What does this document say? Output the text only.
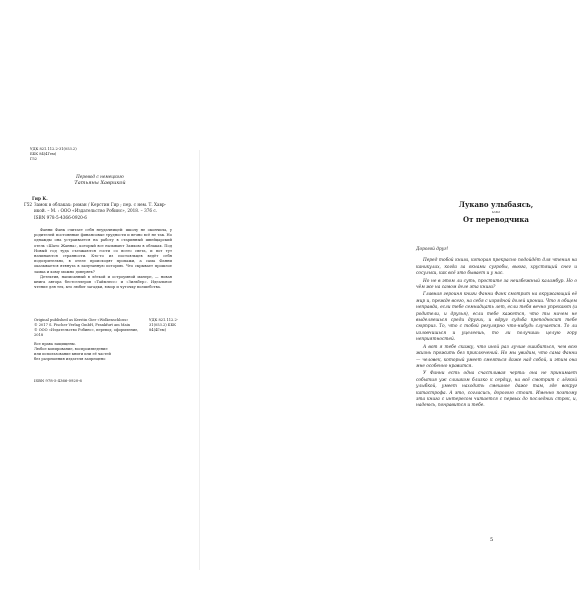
УДК 821.112.2-31(053.2)
ББК 84(4Гем)
Г52
Перевод с немецкого
Татьяны Хаврикой
Гир К.
Г52 Замок в облаках: роман / Керстин Гир ; пер. с нем. Т. Хавр-икой. – М. : ООО «Издательство Робинс», 2018. – 376 с.
ISBN 978-5-4366-0920-6

Фанни Фанк считает себя неудачницей: школу не окончила, у родителей постоянные финансовые трудности и вечно всё не так. Но однажды она устраивается на работу в старинный швейцарский отель «Шато Жанна», который все называют Замком в облаках. Под Новый год туда съезжаются гости со всего света, и вот тут начинаются странности. Кто-то из постояльцев ведёт себя подозрительно, в отеле происходят пропажи, а сама Фанни оказывается втянута в запутанную историю. Что скрывает прошлое замка и кому можно доверять?

Детектив, написанный в лёгкой и остроумной манере, — новая книга автора бестселлеров «Таймлесс» и «Зильбер». Идеальное чтение для тех, кто любит загадки, юмор и чуточку волшебства.

Original published as Kerstin Gier «Wolkenschloss»
© 2017 S. Fischer Verlag GmbH, Frankfurt am Main
© ООО «Издательство Робинс», перевод, оформление, 2018
УДК 821.112.2-31(053.2) ББК 84(4Гем)
Все права защищены.
Любое копирование, воспроизведение
или использование книги или её частей
без разрешения издателя запрещено
ISBN 978-5-4366-0920-6
Лукаво улыбаясь,
или
От переводчика

Дорогой друг!

Перед тобой книга, которая прекрасно подойдёт для чтения на каникулах, когда за окнами сугробы, вьюга, хрустящий снег и сосульки, как всё это бывает и у нас.

Но не в этом ли суть, простите за неизбежный каламбур. Но о чём же на самом деле эта книга?

Главная героиня книги Фанни Фанк смотрит на окружающий её мир и, прежде всего, на себя с изрядной долей иронии. Что я общем неправда, если тебе семнадцать лет, если тебя вечно упрекают (и родители, и друзья), если тебе кажется, что ты ничем не выделяешься среди других, и вдруг судьба преподносит тебе сюрприз. То, что с тобой регулярно что-нибудь случается. То ли изловчишься и уцелеешь, то ли получишь целую гору неприятностей.

А вот я тебе скажу, что иной раз лучше ошибиться, чем всю жизнь прожить без приключений. Но мы увидим, что сама Фанни — человек, который умеет смеяться даже над собой, и этим она мне особенно нравится.

У Фанни есть одна счастливая черта: она не принимает события уж слишком близко к сердцу, на всё смотрит с лёгкой улыбкой, умеет находить смешное даже там, где вокруг катастрофа. А это, согласись, дорогого стоит. Именно поэтому эта книга с интересом читается с первых до последних строк, и, надеюсь, понравится и тебе.

5
